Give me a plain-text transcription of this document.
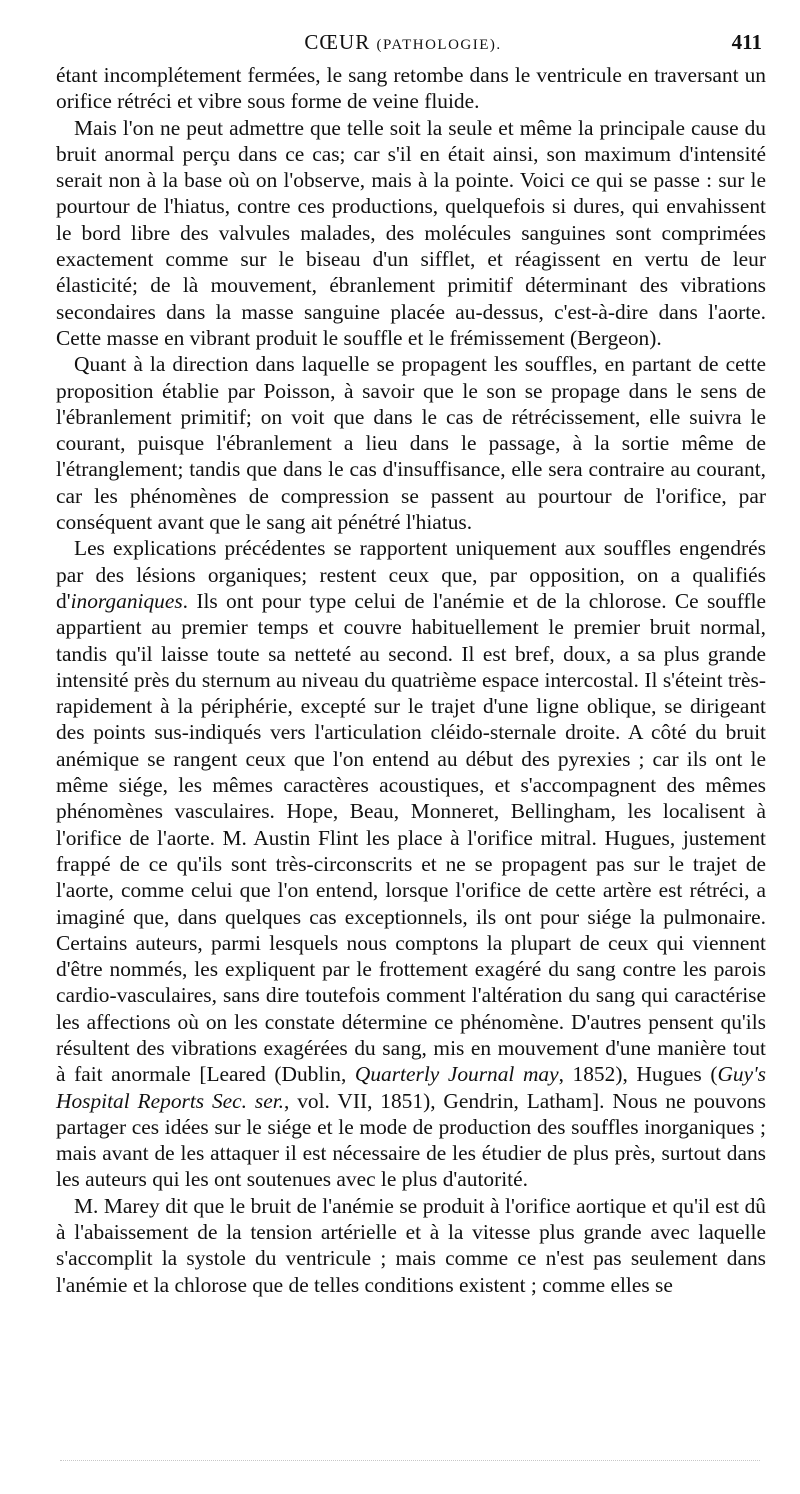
CŒUR (PATHOLOGIE).	411

étant incomplétement fermées, le sang retombe dans le ventricule en traversant un orifice rétréci et vibre sous forme de veine fluide.

Mais l'on ne peut admettre que telle soit la seule et même la principale cause du bruit anormal perçu dans ce cas; car s'il en était ainsi, son maximum d'intensité serait non à la base où on l'observe, mais à la pointe. Voici ce qui se passe : sur le pourtour de l'hiatus, contre ces productions, quelquefois si dures, qui envahissent le bord libre des valvules malades, des molécules sanguines sont comprimées exactement comme sur le biseau d'un sifflet, et réagissent en vertu de leur élasticité; de là mouvement, ébranlement primitif déterminant des vibrations secondaires dans la masse sanguine placée au-dessus, c'est-à-dire dans l'aorte. Cette masse en vibrant produit le souffle et le frémissement (Bergeon).

Quant à la direction dans laquelle se propagent les souffles, en partant de cette proposition établie par Poisson, à savoir que le son se propage dans le sens de l'ébranlement primitif; on voit que dans le cas de rétrécissement, elle suivra le courant, puisque l'ébranlement a lieu dans le passage, à la sortie même de l'étranglement; tandis que dans le cas d'insuffisance, elle sera contraire au courant, car les phénomènes de compression se passent au pourtour de l'orifice, par conséquent avant que le sang ait pénétré l'hiatus.

Les explications précédentes se rapportent uniquement aux souffles engendrés par des lésions organiques; restent ceux que, par opposition, on a qualifiés d'inorganiques. Ils ont pour type celui de l'anémie et de la chlorose. Ce souffle appartient au premier temps et couvre habituellement le premier bruit normal, tandis qu'il laisse toute sa netteté au second. Il est bref, doux, a sa plus grande intensité près du sternum au niveau du quatrième espace intercostal. Il s'éteint très-rapidement à la périphérie, excepté sur le trajet d'une ligne oblique, se dirigeant des points sus-indiqués vers l'articulation cléido-sternale droite. A côté du bruit anémique se rangent ceux que l'on entend au début des pyrexies ; car ils ont le même siége, les mêmes caractères acoustiques, et s'accompagnent des mêmes phénomènes vasculaires. Hope, Beau, Monneret, Bellingham, les localisent à l'orifice de l'aorte. M. Austin Flint les place à l'orifice mitral. Hugues, justement frappé de ce qu'ils sont très-circonscrits et ne se propagent pas sur le trajet de l'aorte, comme celui que l'on entend, lorsque l'orifice de cette artère est rétréci, a imaginé que, dans quelques cas exceptionnels, ils ont pour siége la pulmonaire. Certains auteurs, parmi lesquels nous comptons la plupart de ceux qui viennent d'être nommés, les expliquent par le frottement exagéré du sang contre les parois cardio-vasculaires, sans dire toutefois comment l'altération du sang qui caractérise les affections où on les constate détermine ce phénomène. D'autres pensent qu'ils résultent des vibrations exagérées du sang, mis en mouvement d'une manière tout à fait anormale [Leared (Dublin, Quarterly Journal may, 1852), Hugues (Guy's Hospital Reports Sec. ser., vol. VII, 1851), Gendrin, Latham]. Nous ne pouvons partager ces idées sur le siége et le mode de production des souffles inorganiques ; mais avant de les attaquer il est nécessaire de les étudier de plus près, surtout dans les auteurs qui les ont soutenues avec le plus d'autorité.

M. Marey dit que le bruit de l'anémie se produit à l'orifice aortique et qu'il est dû à l'abaissement de la tension artérielle et à la vitesse plus grande avec laquelle s'accomplit la systole du ventricule ; mais comme ce n'est pas seulement dans l'anémie et la chlorose que de telles conditions existent ; comme elles se
